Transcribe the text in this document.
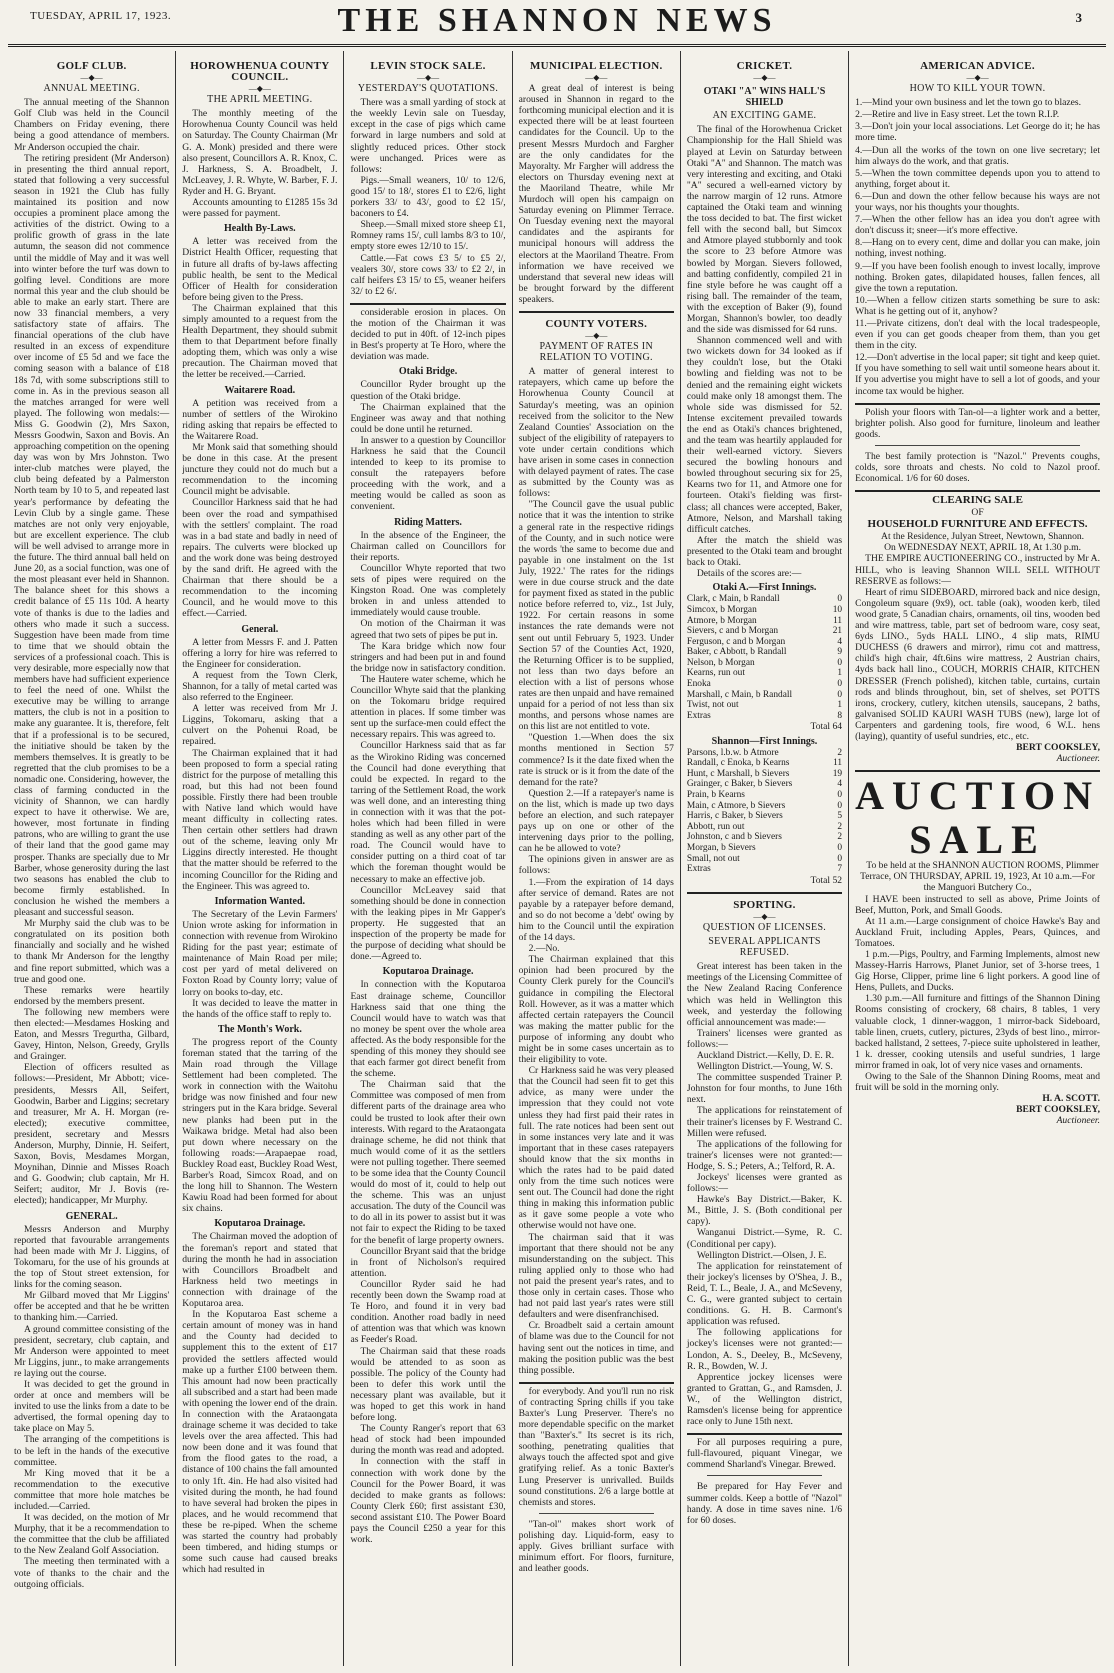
TUESDAY, APRIL 17, 1923.	THE SHANNON NEWS	3
GOLF CLUB.
―◆―
ANNUAL MEETING.

The annual meeting of the Shannon Golf Club was held in the Council Chambers on Friday evening, there being a good attendance of members. Mr Anderson occupied the chair.

The retiring president (Mr Anderson) in presenting the third annual report, stated that following a very successful season in 1921 the Club has fully maintained its position and now occupies a prominent place among the activities of the district. Owing to a prolific growth of grass in the late autumn, the season did not commence until the middle of May and it was well into winter before the turf was down to golfing level. Conditions are more normal this year and the club should be able to make an early start. There are now 33 financial members, a very satisfactory state of affairs. The financial operations of the club have resulted in an excess of expenditure over income of £5 5d and we face the coming season with a balance of £18 18s 7d, with some subscriptions still to come in. As in the previous season all the matches arranged for were well played. The following won medals:—Miss G. Goodwin (2), Mrs Saxon, Messrs Goodwin, Saxon and Bovis. An approaching competition on the opening day was won by Mrs Johnston. Two inter-club matches were played, the club being defeated by a Palmerston North team by 10 to 5, and repeated last year's performance by defeating the Levin Club by a single game. These matches are not only very enjoyable, but are excellent experience. The club will be well advised to arrange more in the future. The third annual ball held on June 20, as a social function, was one of the most pleasant ever held in Shannon. The balance sheet for this shows a credit balance of £5 11s 10d. A hearty vote of thanks is due to the ladies and others who made it such a success. Suggestion have been made from time to time that we should obtain the services of a professional coach. This is very desirable, more especially now that members have had sufficient experience to feel the need of one. Whilst the executive may be willing to arrange matters, the club is not in a position to make any guarantee. It is, therefore, felt that if a professional is to be secured, the initiative should be taken by the members themselves. It is greatly to be regretted that the club promises to be a nomadic one. Considering, however, the class of farming conducted in the vicinity of Shannon, we can hardly expect to have it otherwise. We are, however, most fortunate in finding patrons, who are willing to grant the use of their land that the good game may prosper. Thanks are specially due to Mr Barber, whose generosity during the last two seasons has enabled the club to become firmly established. In conclusion he wished the members a pleasant and successful season.

Mr Murphy said the club was to be congratulated on its position both financially and socially and he wished to thank Mr Anderson for the lengthy and fine report submitted, which was a true and good one.

These remarks were heartily endorsed by the members present.

The following new members were then elected:—Mesdames Hosking and Eaton, and Messrs Tregurtha, Gilbard, Gavey, Hinton, Nelson, Greedy, Grylls and Grainger.

Election of officers resulted as follows:—President, Mr Abbott; vice-presidents, Messrs All, Seifert, Goodwin, Barber and Liggins; secretary and treasurer, Mr A. H. Morgan (re-elected); executive committee, president, secretary and Messrs Anderson, Murphy, Dinnie, H. Seifert, Saxon, Bovis, Mesdames Morgan, Moynihan, Dinnie and Misses Roach and G. Goodwin; club captain, Mr H. Seifert; auditor, Mr J. Bovis (re-elected); handicapper, Mr Murphy.

GENERAL.

Messrs Anderson and Murphy reported that favourable arrangements had been made with Mr J. Liggins, of Tokomaru, for the use of his grounds at the top of Stout street extension, for links for the coming season.

Mr Gilbard moved that Mr Liggins' offer be accepted and that he be written to thanking him.—Carried.

A ground committee consisting of the president, secretary, club captain, and Mr Anderson were appointed to meet Mr Liggins, junr., to make arrangements re laying out the course.

It was decided to get the ground in order at once and members will be invited to use the links from a date to be advertised, the formal opening day to take place on May 5.

The arranging of the competitions is to be left in the hands of the executive committee.

Mr King moved that it be a recommendation to the executive committee that more hole matches be included.—Carried.

It was decided, on the motion of Mr Murphy, that it be a recommendation to the committee that the club be affiliated to the New Zealand Golf Association.

The meeting then terminated with a vote of thanks to the chair and the outgoing officials.

HOROWHENUA COUNTY COUNCIL.
―◆―
THE APRIL MEETING.

The monthly meeting of the Horowhenua County Council was held on Saturday. The County Chairman (Mr G. A. Monk) presided and there were also present, Councillors A. R. Knox, C. J. Harkness, S. A. Broadbelt, J. McLeavey, J. R. Whyte, W. Barber, F. J. Ryder and H. G. Bryant.

Accounts amounting to £1285 15s 3d were passed for payment.

Health By-Laws.

A letter was received from the District Health Officer, requesting that in future all drafts of by-laws affecting public health, be sent to the Medical Officer of Health for consideration before being given to the Press.

The Chairman explained that this simply amounted to a request from the Health Department, they should submit them to that Department before finally adopting them, which was only a wise precaution. The Chairman moved that the letter be received.—Carried.

Waitarere Road.

A petition was received from a number of settlers of the Wirokino riding asking that repairs be effected to the Waitarere Road.

Mr Monk said that something should be done in this case. At the present juncture they could not do much but a recommendation to the incoming Council might be advisable.

Councillor Harkness said that he had been over the road and sympathised with the settlers' complaint. The road was in a bad state and badly in need of repairs. The culverts were blocked up and the work done was being destroyed by the sand drift. He agreed with the Chairman that there should be a recommendation to the incoming Council, and he would move to this effect.—Carried.

General.

A letter from Messrs F. and J. Patten offering a lorry for hire was referred to the Engineer for consideration.

A request from the Town Clerk, Shannon, for a tally of metal carted was also referred to the Engineer.

A letter was received from Mr J. Liggins, Tokomaru, asking that a culvert on the Pohenui Road, be repaired.

The Chairman explained that it had been proposed to form a special rating district for the purpose of metalling this road, but this had not been found possible. Firstly there had been trouble with Native land which would have meant difficulty in collecting rates. Then certain other settlers had drawn out of the scheme, leaving only Mr Liggins directly interested. He thought that the matter should be referred to the incoming Councillor for the Riding and the Engineer. This was agreed to.

Information Wanted.

The Secretary of the Levin Farmers' Union wrote asking for information in connection with revenue from Wirokino Riding for the past year; estimate of maintenance of Main Road per mile; cost per yard of metal delivered on Foxton Road by County lorry; value of lorry on books to-day, etc.

It was decided to leave the matter in the hands of the office staff to reply to.

The Month's Work.

The progress report of the County foreman stated that the tarring of the Main road through the Village Settlement had been completed. The work in connection with the Waitohu bridge was now finished and four new stringers put in the Kara bridge. Several new planks had been put in the Waikawa bridge. Metal had also been put down where necessary on the following roads:—Arapaepae road, Buckley Road east, Buckley Road West, Barber's Road, Simcox Road, and on the long hill to Shannon. The Western Kawiu Road had been formed for about six chains.

Koputaroa Drainage.

The Chairman moved the adoption of the foreman's report and stated that during the month he had in association with Councillors Broadbelt and Harkness held two meetings in connection with drainage of the Koputaroa area.

In the Koputaroa East scheme a certain amount of money was in hand and the County had decided to supplement this to the extent of £17 provided the settlers affected would make up a further £100 between them. This amount had now been practically all subscribed and a start had been made with opening the lower end of the drain. In connection with the Arataongata drainage scheme it was decided to take levels over the area affected. This had now been done and it was found that from the flood gates to the road, a distance of 100 chains the fall amounted to only 1ft. 4in. He had also visited had visited during the month, he had found to have several had broken the pipes in places, and he would recommend that these be re-piped. When the scheme was started the country had probably been timbered, and hiding stumps or some such cause had caused breaks which had resulted in

LEVIN STOCK SALE.
―◆―
YESTERDAY'S QUOTATIONS.

There was a small yarding of stock at the weekly Levin sale on Tuesday, except in the case of pigs which came forward in large numbers and sold at slightly reduced prices. Other stock were unchanged. Prices were as follows:

Pigs.—Small weaners, 10/ to 12/6, good 15/ to 18/, stores £1 to £2/6, light porkers 33/ to 43/, good to £2 15/, baconers to £4.

Sheep.—Small mixed store sheep £1, Romney rams 15/, cull lambs 8/3 to 10/, empty store ewes 12/10 to 15/.

Cattle.—Fat cows £3 5/ to £5 2/, vealers 30/, store cows 33/ to £2 2/, in calf heifers £3 15/ to £5, weaner heifers 32/ to £2 6/.

considerable erosion in places. On the motion of the Chairman it was decided to put in 40ft. of 12-inch pipes in Best's property at Te Horo, where the deviation was made.

Otaki Bridge.

Councillor Ryder brought up the question of the Otaki bridge.

The Chairman explained that the Engineer was away and that nothing could be done until he returned.

In answer to a question by Councillor Harkness he said that the Council intended to keep to its promise to consult the ratepayers before proceeding with the work, and a meeting would be called as soon as convenient.

Riding Matters.

In the absence of the Engineer, the Chairman called on Councillors for their reports.

Councillor Whyte reported that two sets of pipes were required on the Kingston Road. One was completely broken in and unless attended to immediately would cause trouble.

On motion of the Chairman it was agreed that two sets of pipes be put in.

The Kara bridge which now four stringers and had been put in and found the bridge now in satisfactory condition.

The Hautere water scheme, which he Councillor Whyte said that the planking on the Tokomaru bridge required attention in places. If some timber was sent up the surface-men could effect the necessary repairs. This was agreed to.

Councillor Harkness said that as far as the Wirokino Riding was concerned the Council had done everything that could be expected. In regard to the tarring of the Settlement Road, the work was well done, and an interesting thing in connection with it was that the pot-holes which had been filled in were standing as well as any other part of the road. The Council would have to consider putting on a third coat of tar which the foreman thought would be necessary to make an effective job.

Councillor McLeavey said that something should be done in connection with the leaking pipes in Mr Gapper's property. He suggested that an inspection of the property be made for the purpose of deciding what should be done.—Agreed to.

Koputaroa Drainage.

In connection with the Koputaroa East drainage scheme, Councillor Harkness said that one thing the Council would have to watch was that no money be spent over the whole area affected. As the body responsible for the spending of this money they should see that each farmer got direct benefit from the scheme.

The Chairman said that the Committee was composed of men from different parts of the drainage area who could be trusted to look after their own interests. With regard to the Arataongata drainage scheme, he did not think that much would come of it as the settlers were not pulling together. There seemed to be some idea that the County Council would do most of it, could to help out the scheme. This was an unjust accusation. The duty of the Council was to do all in its power to assist but it was not fair to expect the Riding to be taxed for the benefit of large property owners.

Councillor Bryant said that the bridge in front of Nicholson's required attention.

Councillor Ryder said he had recently been down the Swamp road at Te Horo, and found it in very bad condition. Another road badly in need of attention was that which was known as Feeder's Road.

The Chairman said that these roads would be attended to as soon as possible. The policy of the County had been to defer this work until the necessary plant was available, but it was hoped to get this work in hand before long.

The County Ranger's report that 63 head of stock had been impounded during the month was read and adopted.

In connection with the staff in connection with work done by the Council for the Power Board, it was decided to make grants as follows: County Clerk £60; first assistant £30, second assistant £10. The Power Board pays the Council £250 a year for this work.

MUNICIPAL ELECTION.
―◆―

A great deal of interest is being aroused in Shannon in regard to the forthcoming municipal election and it is expected there will be at least fourteen candidates for the Council. Up to the present Messrs Murdoch and Fargher are the only candidates for the Mayoralty. Mr Fargher will address the electors on Thursday evening next at the Maoriland Theatre, while Mr Murdoch will open his campaign on Saturday evening on Plimmer Terrace. On Tuesday evening next the mayoral candidates and the aspirants for municipal honours will address the electors at the Maoriland Theatre. From information we have received we understand that several new ideas will be brought forward by the different speakers.

COUNTY VOTERS.
―◆―
PAYMENT OF RATES IN RELATION TO VOTING.

A matter of general interest to ratepayers, which came up before the Horowhenua County Council at Saturday's meeting, was an opinion received from the solicitor to the New Zealand Counties' Association on the subject of the eligibility of ratepayers to vote under certain conditions which have arisen in some cases in connection with delayed payment of rates. The case as submitted by the County was as follows:

"The Council gave the usual public notice that it was the intention to strike a general rate in the respective ridings of the County, and in such notice were the words 'the same to become due and payable in one instalment on the 1st July, 1922.' The rates for the ridings were in due course struck and the date for payment fixed as stated in the public notice before referred to, viz., 1st July, 1922. For certain reasons in some instances the rate demands were not sent out until February 5, 1923. Under Section 57 of the Counties Act, 1920, the Returning Officer is to be supplied, not less than two days before an election with a list of persons whose rates are then unpaid and have remained unpaid for a period of not less than six months, and persons whose names are on this list are not entitled to vote.

"Question 1.—When does the six months mentioned in Section 57 commence? Is it the date fixed when the rate is struck or is it from the date of the demand for the rate?

Question 2.—If a ratepayer's name is on the list, which is made up two days before an election, and such ratepayer pays up on one or other of the intervening days prior to the polling, can he be allowed to vote?

The opinions given in answer are as follows:

1.—From the expiration of 14 days after service of demand. Rates are not payable by a ratepayer before demand, and so do not become a 'debt' owing by him to the Council until the expiration of the 14 days.

2.—No.

The Chairman explained that this opinion had been procured by the County Clerk purely for the Council's guidance in compiling the Electoral Roll. However, as it was a matter which affected certain ratepayers the Council was making the matter public for the purpose of informing any doubt who might be in some cases uncertain as to their eligibility to vote.

Cr Harkness said he was very pleased that the Council had seen fit to get this advice, as many were under the impression that they could not vote unless they had first paid their rates in full. The rate notices had been sent out in some instances very late and it was important that in these cases ratepayers should know that the six months in which the rates had to be paid dated only from the time such notices were sent out. The Council had done the right thing in making this information public as it gave some people a vote who otherwise would not have one.

The chairman said that it was important that there should not be any misunderstanding on the subject. This ruling applied only to those who had not paid the present year's rates, and to those only in certain cases. Those who had not paid last year's rates were still defaulters and were disenfranchised.

Cr. Broadbelt said a certain amount of blame was due to the Council for not having sent out the notices in time, and making the position public was the best thing possible.

for everybody. And you'll run no risk of contracting Spring chills if you take Baxter's Lung Preserver. There's no more dependable specific on the market than "Baxter's." Its secret is its rich, soothing, penetrating qualities that always touch the affected spot and give gratifying relief. As a tonic Baxter's Lung Preserver is unrivalled. Builds sound constitutions. 2/6 a large bottle at chemists and stores.

"Tan-ol" makes short work of polishing day. Liquid-form, easy to apply. Gives brilliant surface with minimum effort. For floors, furniture, and leather goods.

CRICKET.
―◆―
OTAKI "A" WINS HALL'S SHIELD
AN EXCITING GAME.

The final of the Horowhenua Cricket Championship for the Hall Shield was played at Levin on Saturday between Otaki "A" and Shannon. The match was very interesting and exciting, and Otaki "A" secured a well-earned victory by the narrow margin of 12 runs. Atmore captained the Otaki team and winning the toss decided to bat. The first wicket fell with the second ball, but Simcox and Atmore played stubbornly and took the score to 23 before Atmore was bowled by Morgan. Sievers followed, and batting confidently, compiled 21 in fine style before he was caught off a rising ball. The remainder of the team, with the exception of Baker (9), found Morgan, Shannon's bowler, too deadly and the side was dismissed for 64 runs.

Shannon commenced well and with two wickets down for 34 looked as if they couldn't lose, but the Otaki bowling and fielding was not to be denied and the remaining eight wickets could make only 18 amongst them. The whole side was dismissed for 52. Intense excitement prevailed towards the end as Otaki's chances brightened, and the team was heartily applauded for their well-earned victory. Sievers secured the bowling honours and bowled throughout securing six for 25, Kearns two for 11, and Atmore one for fourteen. Otaki's fielding was first-class; all chances were accepted, Baker, Atmore, Nelson, and Marshall taking difficult catches.

After the match the shield was presented to the Otaki team and brought back to Otaki.

Details of the scores are:—

Otaki A.—First Innings.
Clark, c Main, b Randall	0
Simcox, b Morgan	10
Atmore, b Morgan	11
Sievers, c and b Morgan	21
Ferguson, c and b Morgan	4
Baker, c Abbott, b Randall	9
Nelson, b Morgan	0
Kearns, run out	1
Enoka	0
Marshall, c Main, b Randall	0
Twist, not out	1
Extras	8
Total 64
Shannon—First Innings.
Parsons, l.b.w. b Atmore	2
Randall, c Enoka, b Kearns	11
Hunt, c Marshall, b Sievers	19
Grainger, c Baker, b Sievers	4
Prain, b Kearns	0
Main, c Atmore, b Sievers	0
Harris, c Baker, b Sievers	5
Abbott, run out	2
Johnston, c and b Sievers	2
Morgan, b Sievers	0
Small, not out	0
Extras	7
Total 52
SPORTING.
―◆―
QUESTION OF LICENSES.
SEVERAL APPLICANTS REFUSED.

Great interest has been taken in the meetings of the Licensing Committee of the New Zealand Racing Conference which was held in Wellington this week, and yesterday the following official announcement was made:—

Trainers' licenses were granted as follows:—

Auckland District.—Kelly, D. E. R.

Wellington District.—Young, W. S.

The committee suspended Trainer P. Johnston for four months, to June 16th next.

The applications for reinstatement of their trainer's licenses by F. Westrand C. Millen were refused.

The applications of the following for trainer's licenses were not granted:—Hodge, S. S.; Peters, A.; Telford, R. A.

Jockeys' licenses were granted as follows:—

Hawke's Bay District.—Baker, K. M., Bittle, J. S. (Both conditional per capy).

Wanganui District.—Syme, R. C. (Conditional per capy).

Wellington District.—Olsen, J. E.

The application for reinstatement of their jockey's licenses by O'Shea, J. B., Reid, T. L., Beale, J. A., and McSeveny, C. G., were granted subject to certain conditions. G. H. B. Carmont's application was refused.

The following applications for jockey's licenses were not granted:—London, A. S., Deeley, B., McSeveny, R. R., Bowden, W. J.

Apprentice jockey licenses were granted to Grattan, G., and Ramsden, J. W., of the Wellington district, Ramsden's license being for apprentice race only to June 15th next.

For all purposes requiring a pure, full-flavoured, piquant Vinegar, we commend Sharland's Vinegar. Brewed.

Be prepared for Hay Fever and summer colds. Keep a bottle of "Nazol" handy. A dose in time saves nine. 1/6 for 60 doses.

AMERICAN ADVICE.
―◆―
HOW TO KILL YOUR TOWN.

1.—Mind your own business and let the town go to blazes.

2.—Retire and live in Easy street. Let the town R.I.P.

3.—Don't join your local associations. Let George do it; he has more time.

4.—Dun all the works of the town on one live secretary; let him always do the work, and that gratis.

5.—When the town committee depends upon you to attend to anything, forget about it.

6.—Dun and down the other fellow because his ways are not your ways, nor his thoughts your thoughts.

7.—When the other fellow has an idea you don't agree with don't discuss it; sneer—it's more effective.

8.—Hang on to every cent, dime and dollar you can make, join nothing, invest nothing.

9.—If you have been foolish enough to invest locally, improve nothing. Broken gates, dilapidated houses, fallen fences, all give the town a reputation.

10.—When a fellow citizen starts something be sure to ask: What is he getting out of it, anyhow?

11.—Private citizens, don't deal with the local tradespeople, even if you can get goods cheaper from them, than you get them in the city.

12.—Don't advertise in the local paper; sit tight and keep quiet. If you have something to sell wait until someone hears about it. If you advertise you might have to sell a lot of goods, and your income tax would be higher.

Polish your floors with Tan-ol—a lighter work and a better, brighter polish. Also good for furniture, linoleum and leather goods.

The best family protection is "Nazol." Prevents coughs, colds, sore throats and chests. No cold to Nazol proof. Economical. 1/6 for 60 doses.

CLEARING SALE
OF
HOUSEHOLD FURNITURE AND EFFECTS.

At the Residence, Julyan Street, Newtown, Shannon.

On WEDNESDAY NEXT, APRIL 18, At 1.30 p.m.

THE EMPIRE AUCTIONEERING CO., instructed by Mr A. HILL, who is leaving Shannon WILL SELL WITHOUT RESERVE as follows:—

Heart of rimu SIDEBOARD, mirrored back and nice design, Congoleum square (9x9), oct. table (oak), wooden kerb, tiled wood grate, 5 Canadian chairs, ornaments, oil tins, wooden bed and wire mattress, table, part set of bedroom ware, cosy seat, 6yds LINO., 5yds HALL LINO., 4 slip mats, RIMU DUCHESS (6 drawers and mirror), rimu cot and mattress, child's high chair, 4ft.6ins wire mattress, 2 Austrian chairs, 4yds back hall lino., COUCH, MORRIS CHAIR, KITCHEN DRESSER (French polished), kitchen table, curtains, curtain rods and blinds throughout, bin, set of shelves, set POTTS irons, crockery, cutlery, kitchen utensils, saucepans, 2 baths, galvanised SOLID KAURI WASH TUBS (new), large lot of Carpenters and gardening tools, fire wood, 6 W.L. hens (laying), quantity of useful sundries, etc., etc.

BERT COOKSLEY,
Auctioneer.
AUCTION
SALE

To be held at the SHANNON AUCTION ROOMS, Plimmer Terrace, ON THURSDAY, APRIL 19, 1923, At 10 a.m.—For the Manguori Butchery Co.,

I HAVE been instructed to sell as above, Prime Joints of Beef, Mutton, Pork, and Small Goods.

At 11 a.m.—Large consignment of choice Hawke's Bay and Auckland Fruit, including Apples, Pears, Quinces, and Tomatoes.

1 p.m.—Pigs, Poultry, and Farming Implements, almost new Massey-Harris Harrows, Planet Junior, set of 3-horse trees, 1 Gig Horse, Clipper, prime line 6 light porkers. A good line of Hens, Pullets, and Ducks.

1.30 p.m.—All furniture and fittings of the Shannon Dining Rooms consisting of crockery, 68 chairs, 8 tables, 1 very valuable clock, 1 dinner-waggon, 1 mirror-back Sideboard, table linen, cruets, cutlery, pictures, 23yds of best lino., mirror-backed hallstand, 2 settees, 7-piece suite upholstered in leather, 1 k. dresser, cooking utensils and useful sundries, 1 large mirror framed in oak, lot of very nice vases and ornaments.

Owing to the Sale of the Shannon Dining Rooms, meat and fruit will be sold in the morning only.

H. A. SCOTT.
BERT COOKSLEY,
Auctioneer.
